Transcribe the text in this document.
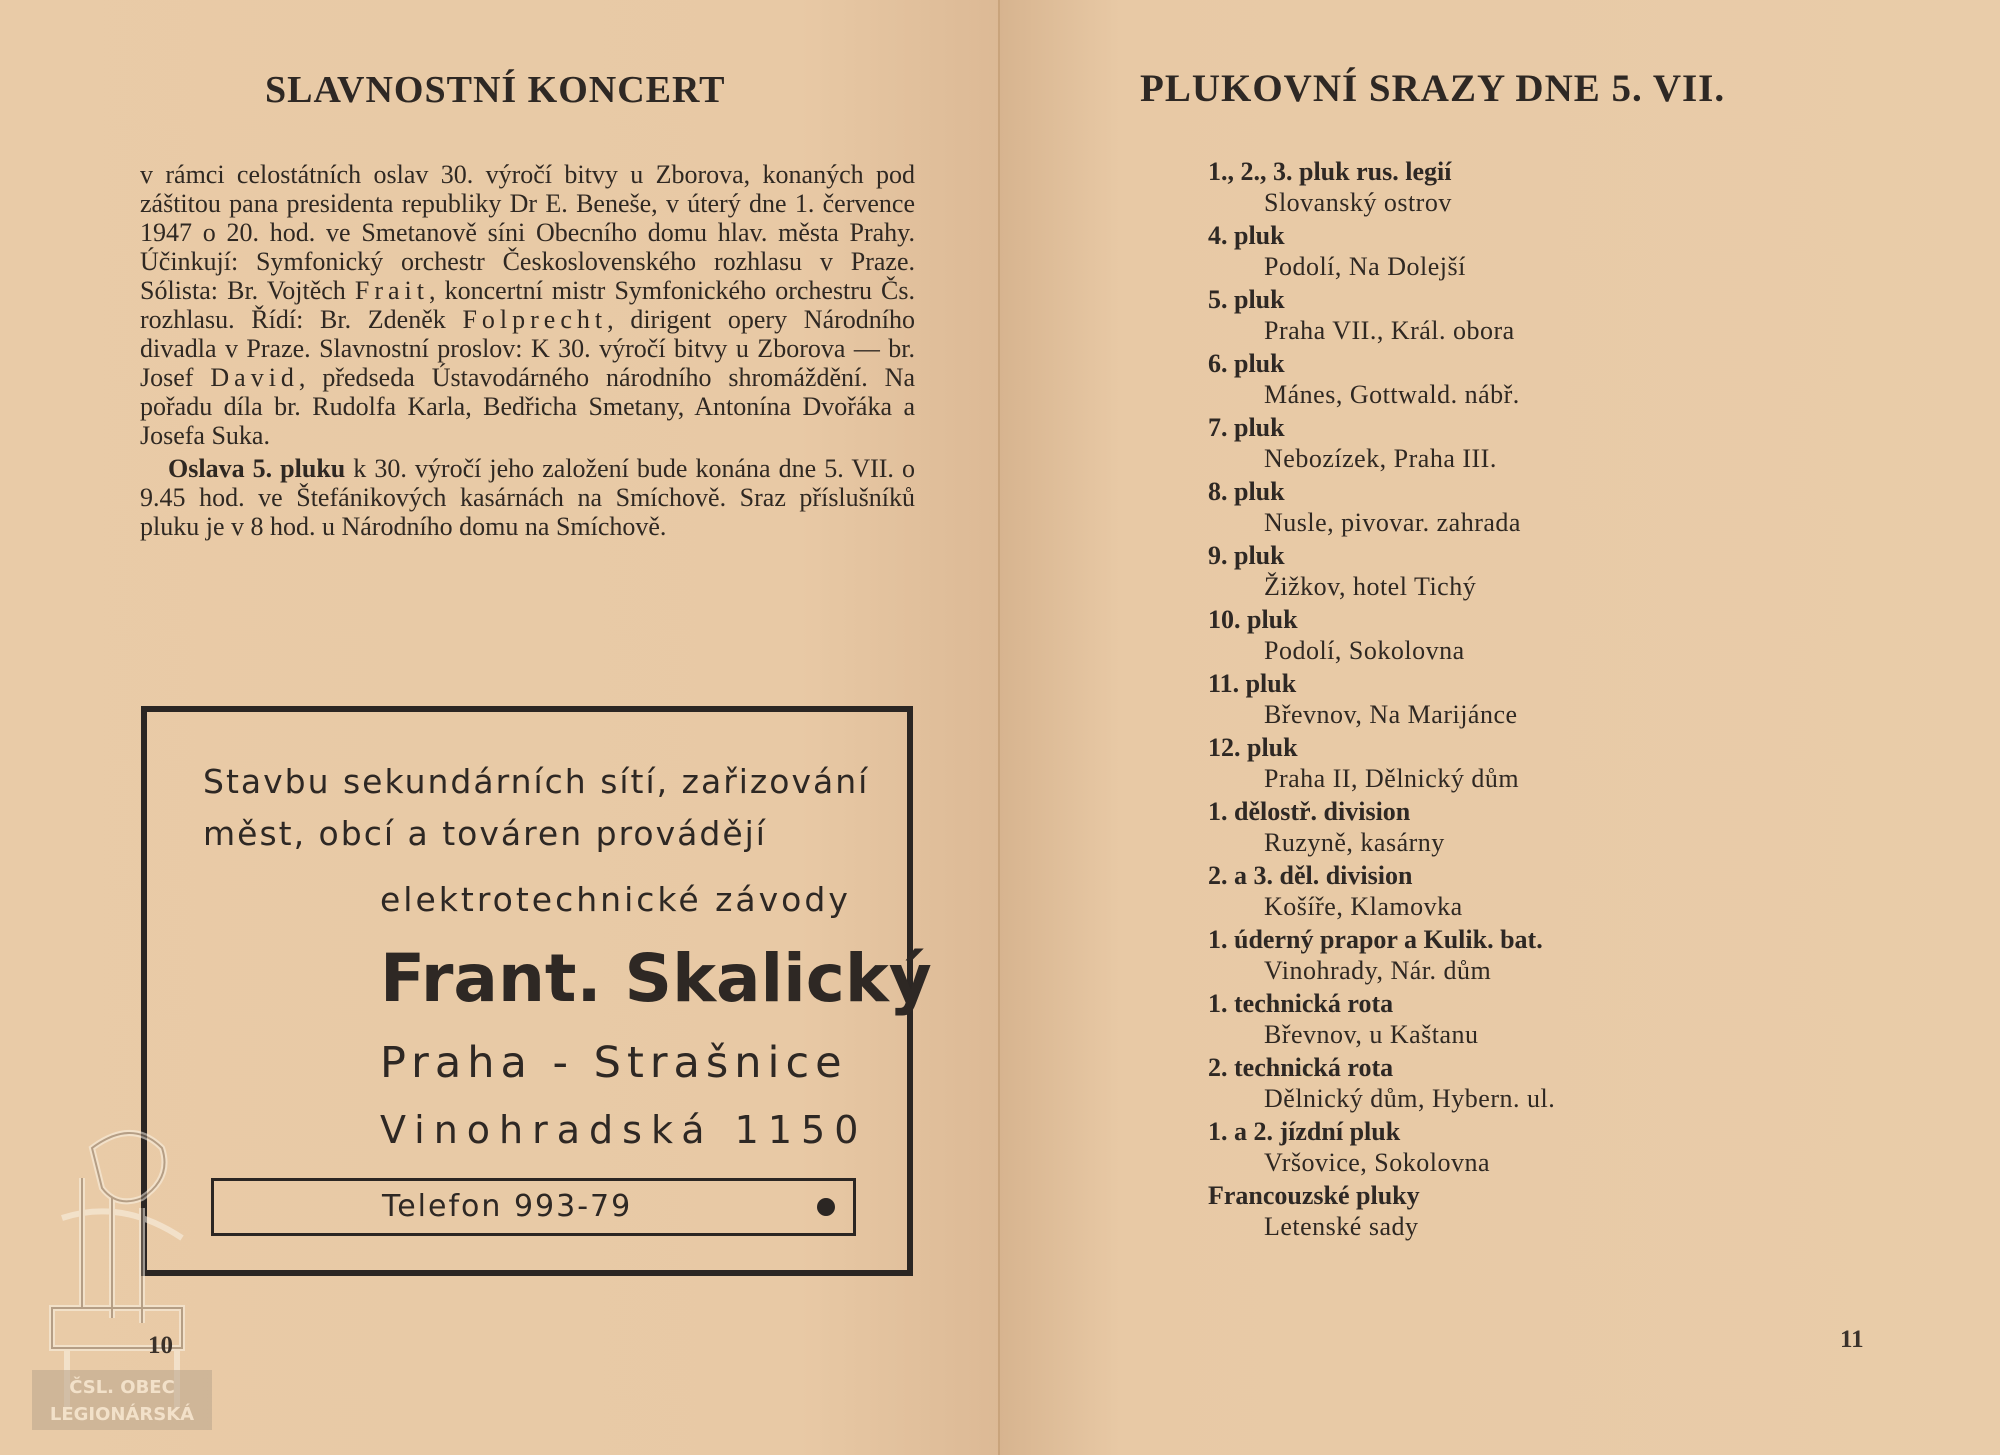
SLAVNOSTNÍ KONCERT

v rámci celostátních oslav 30. výročí bitvy u Zborova, konaných pod záštitou pana presidenta republiky Dr E. Beneše, v úterý dne 1. července 1947 o 20. hod. ve Smetanově síni Obecního domu hlav. města Prahy. Účinkují: Symfonický orchestr Československého rozhlasu v Praze. Sólista: Br. Vojtěch Frait, koncertní mistr Symfonického orchestru Čs. rozhlasu. Řídí: Br. Zdeněk Folprecht, dirigent opery Národního divadla v Praze. Slavnostní proslov: K 30. výročí bitvy u Zborova — br. Josef David, předseda Ústavodárného národního shromáždění. Na pořadu díla br. Rudolfa Karla, Bedřicha Smetany, Antonína Dvořáka a Josefa Suka.

Oslava 5. pluku k 30. výročí jeho založení bude konána dne 5. VII. o 9.45 hod. ve Štefánikových kasárnách na Smíchově. Sraz příslušníků pluku je v 8 hod. u Národního domu na Smíchově.

Stavbu sekundárních sítí, zařizování
měst, obcí a továren provádějí
elektrotechnické závody
Frant. Skalický
Praha - Strašnice
Vinohradská 1150
Telefon 993-79
ČSL. OBEC
LEGIONÁRSKÁ
10
PLUKOVNÍ SRAZY DNE 5. VII.
1., 2., 3. pluk rus. legií
Slovanský ostrov
4. pluk
Podolí, Na Dolejší
5. pluk
Praha VII., Král. obora
6. pluk
Mánes, Gottwald. nábř.
7. pluk
Nebozízek, Praha III.
8. pluk
Nusle, pivovar. zahrada
9. pluk
Žižkov, hotel Tichý
10. pluk
Podolí, Sokolovna
11. pluk
Břevnov, Na Marijánce
12. pluk
Praha II, Dělnický dům
1. dělostř. division
Ruzyně, kasárny
2. a 3. děl. division
Košíře, Klamovka
1. úderný prapor a Kulik. bat.
Vinohrady, Nár. dům
1. technická rota
Břevnov, u Kaštanu
2. technická rota
Dělnický dům, Hybern. ul.
1. a 2. jízdní pluk
Vršovice, Sokolovna
Francouzské pluky
Letenské sady
11
